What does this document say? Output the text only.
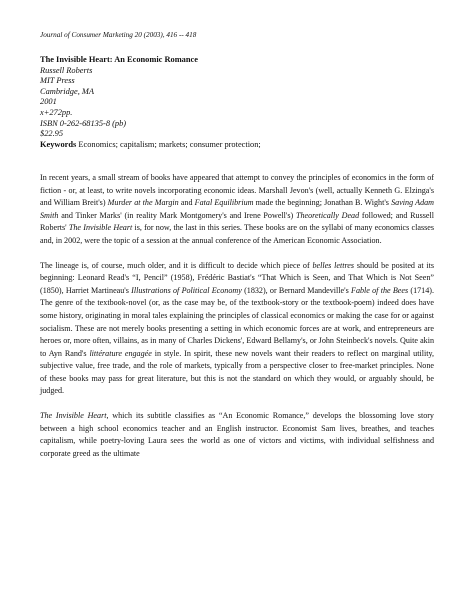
Journal of Consumer Marketing 20 (2003), 416 -- 418
The Invisible Heart: An Economic Romance
Russell Roberts
MIT Press
Cambridge, MA
2001
x+272pp.
ISBN 0-262-68135-8 (pb)
$22.95
Keywords Economics; capitalism; markets; consumer protection;

In recent years, a small stream of books have appeared that attempt to convey the principles of economics in the form of fiction - or, at least, to write novels incorporating economic ideas. Marshall Jevon's (well, actually Kenneth G. Elzinga's and William Breit's) Murder at the Margin and Fatal Equilibrium made the beginning; Jonathan B. Wight's Saving Adam Smith and Tinker Marks' (in reality Mark Montgomery's and Irene Powell's) Theoretically Dead followed; and Russell Roberts' The Invisible Heart is, for now, the last in this series. These books are on the syllabi of many economics classes and, in 2002, were the topic of a session at the annual conference of the American Economic Association.

The lineage is, of course, much older, and it is difficult to decide which piece of belles lettres should be posited at its beginning: Leonard Read's “I, Pencil” (1958), Frédéric Bastiat's “That Which is Seen, and That Which is Not Seen” (1850), Harriet Martineau's Illustrations of Political Economy (1832), or Bernard Mandeville's Fable of the Bees (1714). The genre of the textbook-novel (or, as the case may be, of the textbook-story or the textbook-poem) indeed does have some history, originating in moral tales explaining the principles of classical economics or making the case for or against socialism. These are not merely books presenting a setting in which economic forces are at work, and entrepreneurs are heroes or, more often, villains, as in many of Charles Dickens', Edward Bellamy's, or John Steinbeck's novels. Quite akin to Ayn Rand's littérature engagée in style. In spirit, these new novels want their readers to reflect on marginal utility, subjective value, free trade, and the role of markets, typically from a perspective closer to free-market principles. None of these books may pass for great literature, but this is not the standard on which they would, or arguably should, be judged.

The Invisible Heart, which its subtitle classifies as “An Economic Romance,” develops the blossoming love story between a high school economics teacher and an English instructor. Economist Sam lives, breathes, and teaches capitalism, while poetry-loving Laura sees the world as one of victors and victims, with individual selfishness and corporate greed as the ultimate
